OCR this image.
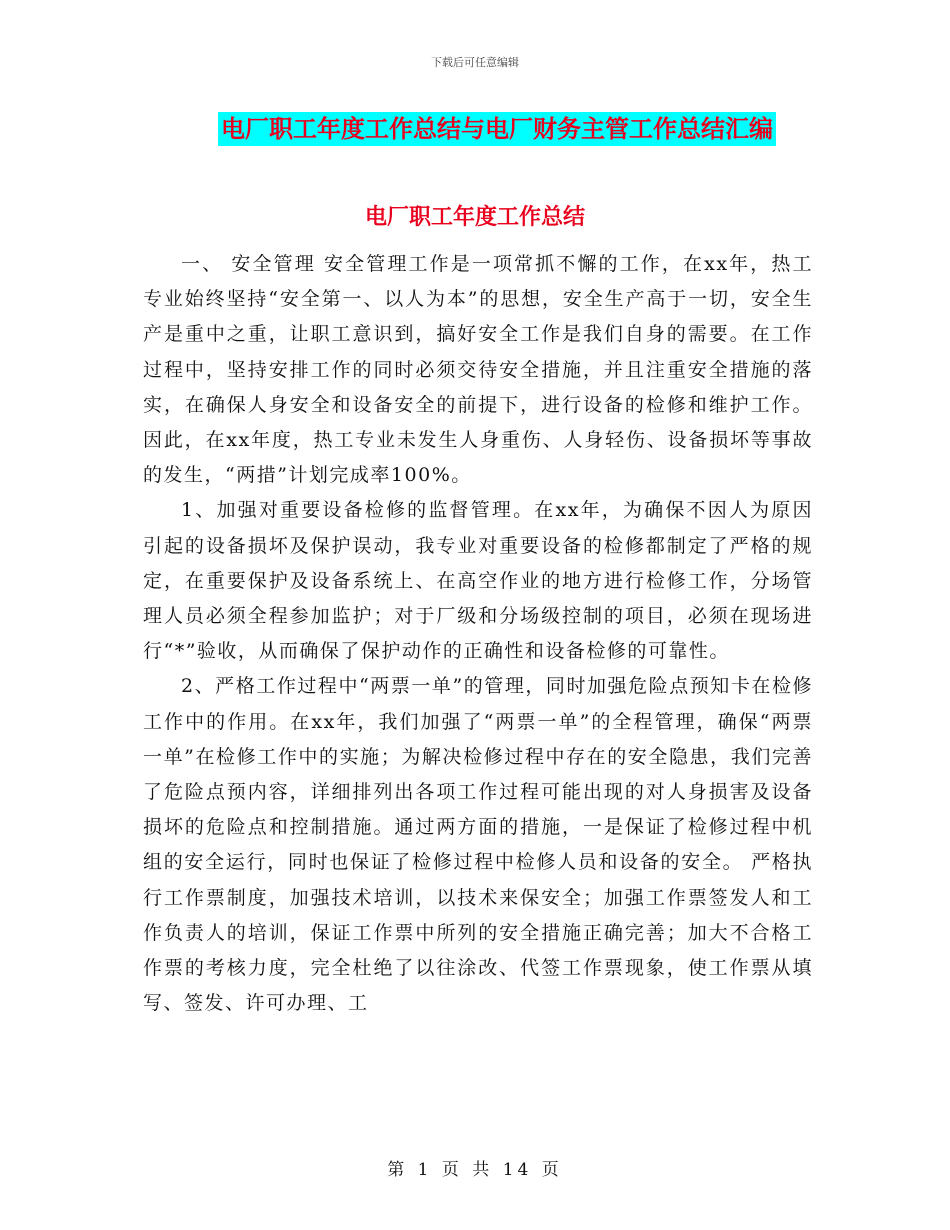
下载后可任意编辑
电厂职工年度工作总结与电厂财务主管工作总结汇编
电厂职工年度工作总结

一、 安全管理 安全管理工作是一项常抓不懈的工作，在xx年，热工专业始终坚持“安全第一、以人为本”的思想，安全生产高于一切，安全生产是重中之重，让职工意识到，搞好安全工作是我们自身的需要。在工作过程中，坚持安排工作的同时必须交待安全措施，并且注重安全措施的落实，在确保人身安全和设备安全的前提下，进行设备的检修和维护工作。因此，在xx年度，热工专业未发生人身重伤、人身轻伤、设备损坏等事故的发生，“两措”计划完成率100%。

1、加强对重要设备检修的监督管理。在xx年，为确保不因人为原因引起的设备损坏及保护误动，我专业对重要设备的检修都制定了严格的规定，在重要保护及设备系统上、在高空作业的地方进行检修工作，分场管理人员必须全程参加监护；对于厂级和分场级控制的项目，必须在现场进行“*”验收，从而确保了保护动作的正确性和设备检修的可靠性。

2、严格工作过程中“两票一单”的管理，同时加强危险点预知卡在检修工作中的作用。在xx年，我们加强了“两票一单”的全程管理，确保“两票一单”在检修工作中的实施；为解决检修过程中存在的安全隐患，我们完善了危险点预内容，详细排列出各项工作过程可能出现的对人身损害及设备损坏的危险点和控制措施。通过两方面的措施，一是保证了检修过程中机组的安全运行，同时也保证了检修过程中检修人员和设备的安全。 严格执行工作票制度，加强技术培训，以技术来保安全；加强工作票签发人和工作负责人的培训，保证工作票中所列的安全措施正确完善；加大不合格工作票的考核力度，完全杜绝了以往涂改、代签工作票现象，使工作票从填写、签发、许可办理、工

第 1 页 共 14 页
